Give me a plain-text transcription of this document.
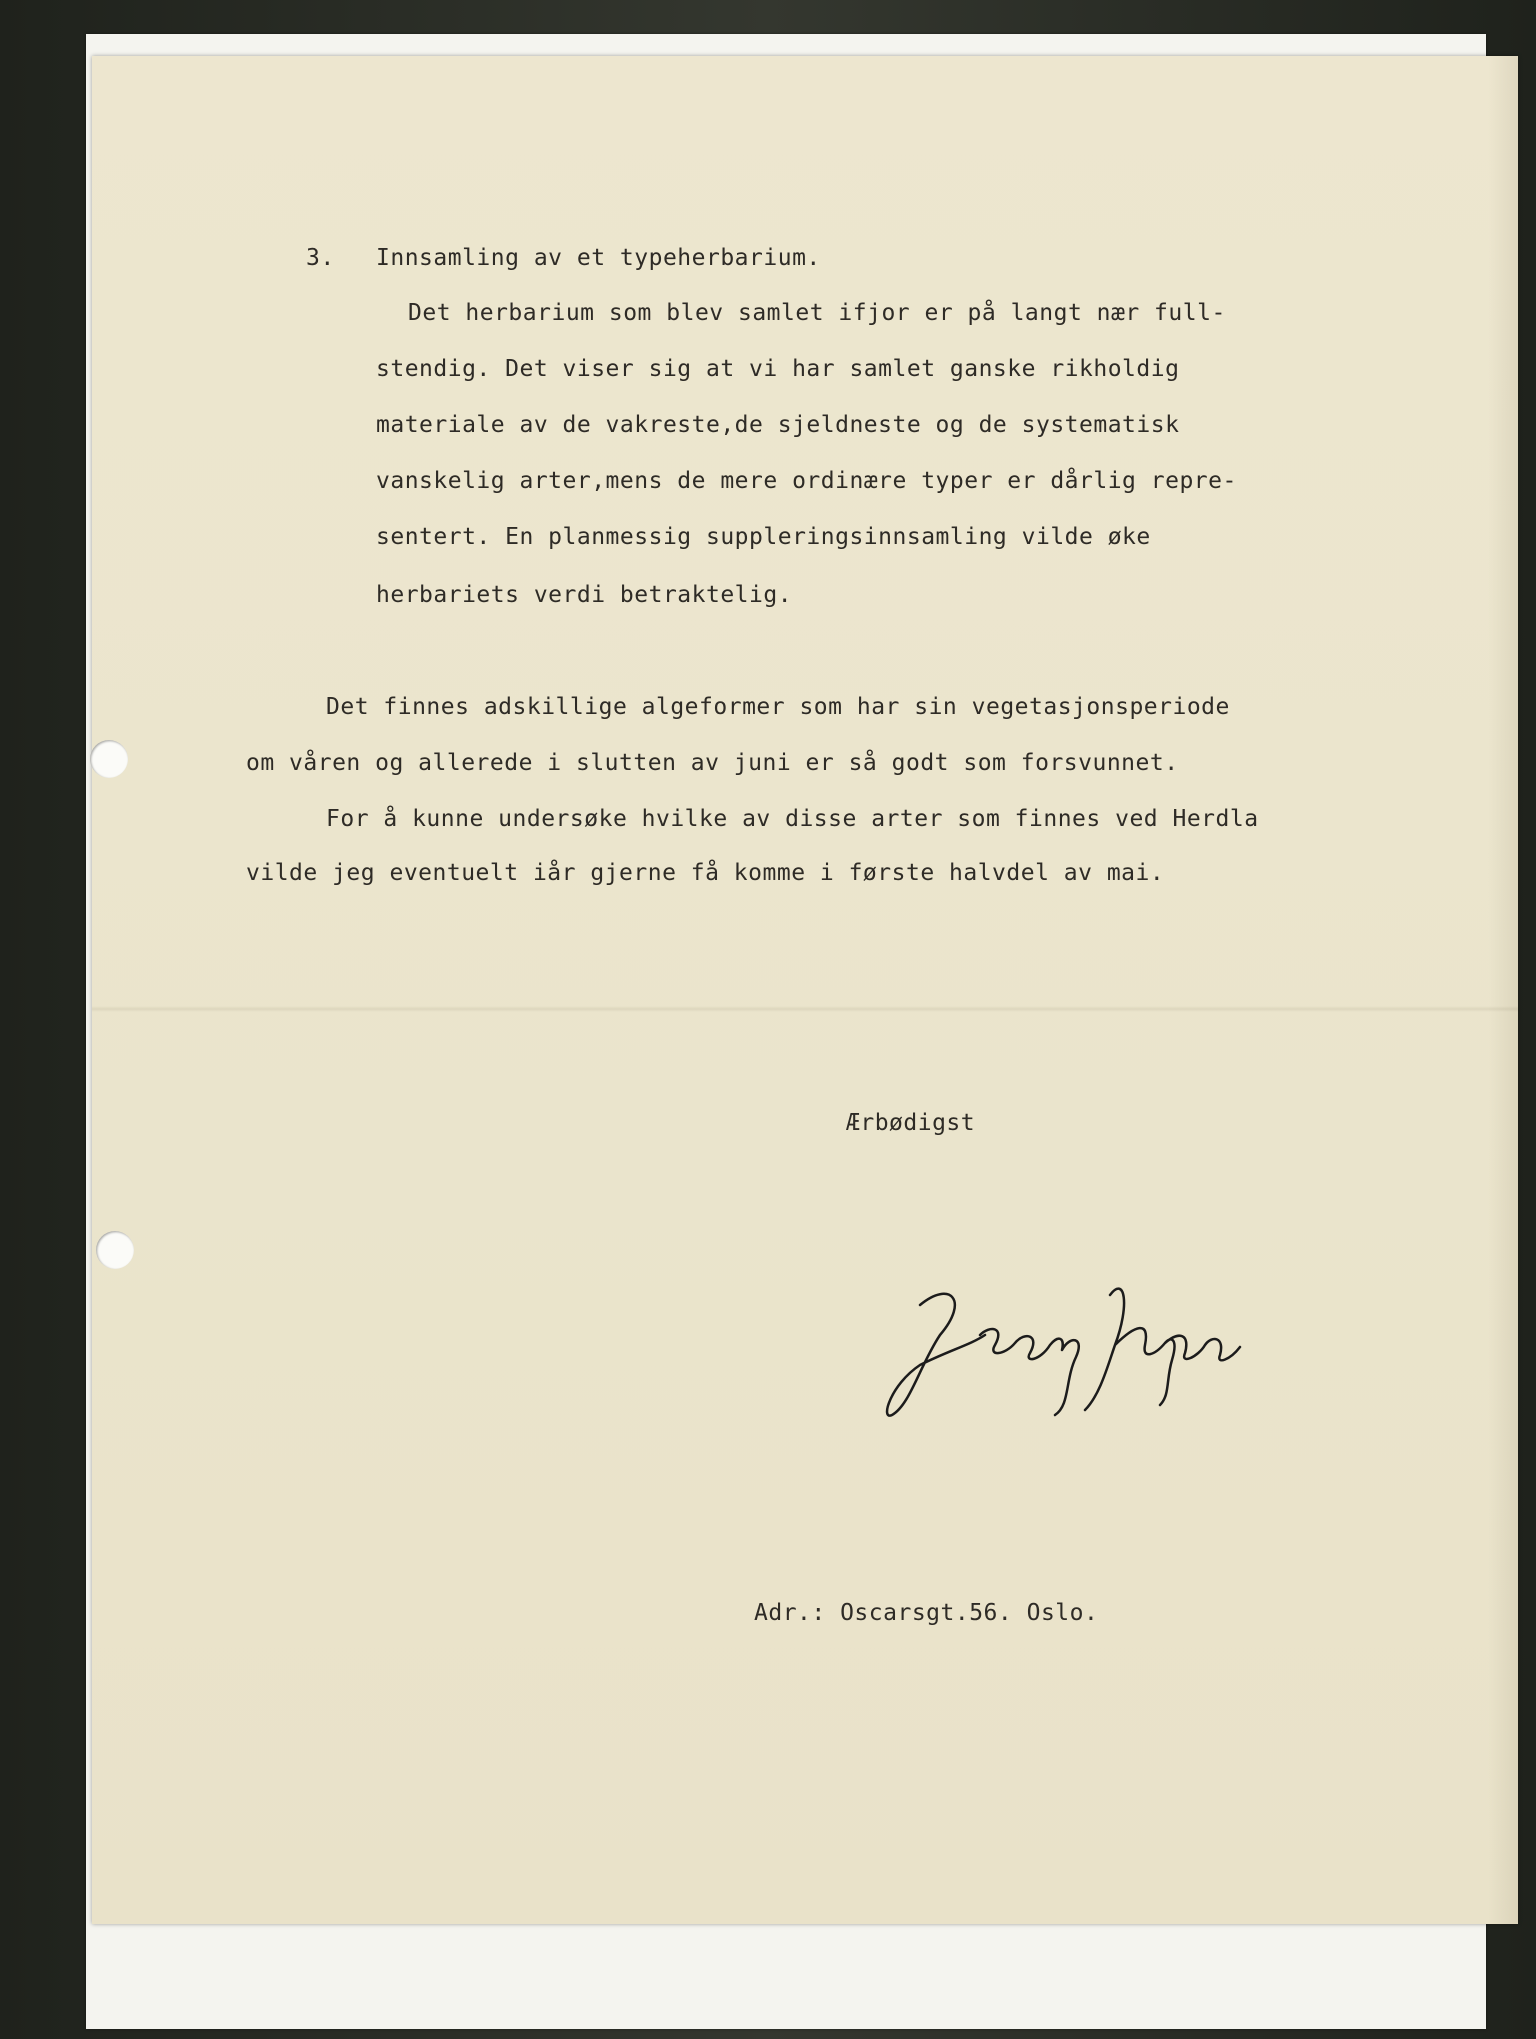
3. Innsamling av et typeherbarium.
Det herbarium som blev samlet ifjor er på langt nær full-
stendig. Det viser sig at vi har samlet ganske rikholdig
materiale av de vakreste,de sjeldneste og de systematisk
vanskelig arter,mens de mere ordinære typer er dårlig repre-
sentert. En planmessig suppleringsinnsamling vilde øke
herbariets verdi betraktelig.
Det finnes adskillige algeformer som har sin vegetasjonsperiode
om våren og allerede i slutten av juni er så godt som forsvunnet.
For å kunne undersøke hvilke av disse arter som finnes ved Herdla
vilde jeg eventuelt iår gjerne få komme i første halvdel av mai.
Ærbødigst
Adr.: Oscarsgt.56. Oslo.
